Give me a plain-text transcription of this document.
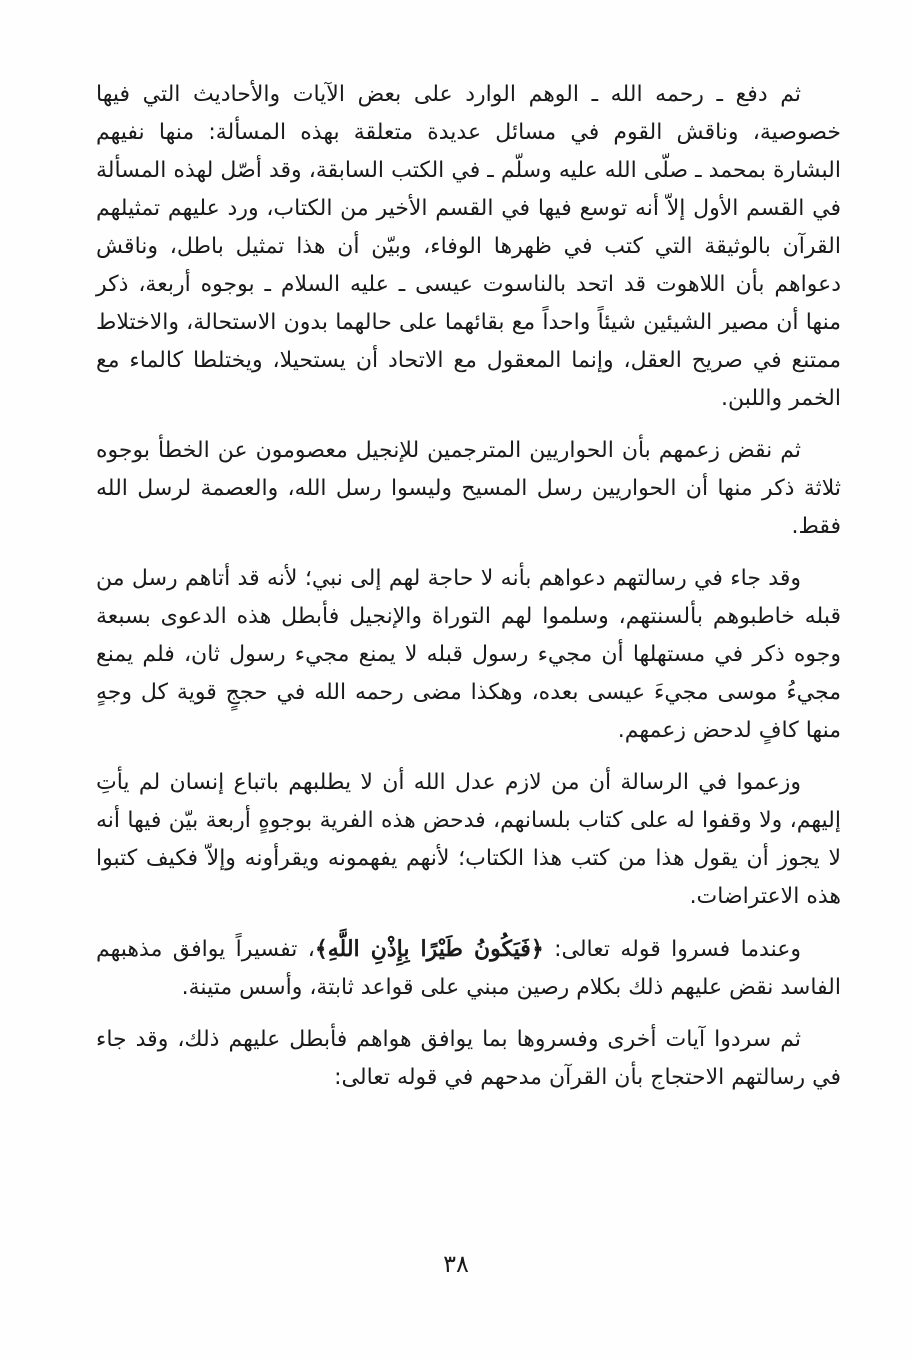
ثم دفع ـ رحمه الله ـ الوهم الوارد على بعض الآيات والأحاديث التي فيها خصوصية، وناقش القوم في مسائل عديدة متعلقة بهذه المسألة: منها نفيهم البشارة بمحمد ـ صلّى الله عليه وسلّم ـ في الكتب السابقة، وقد أصّل لهذه المسألة في القسم الأول إلاّ أنه توسع فيها في القسم الأخير من الكتاب، ورد عليهم تمثيلهم القرآن بالوثيقة التي كتب في ظهرها الوفاء، وبيّن أن هذا تمثيل باطل، وناقش دعواهم بأن اللاهوت قد اتحد بالناسوت عيسى ـ عليه السلام ـ بوجوه أربعة، ذكر منها أن مصير الشيئين شيئاً واحداً مع بقائهما على حالهما بدون الاستحالة، والاختلاط ممتنع في صريح العقل، وإنما المعقول مع الاتحاد أن يستحيلا، ويختلطا كالماء مع الخمر واللبن.

ثم نقض زعمهم بأن الحواريين المترجمين للإنجيل معصومون عن الخطأ بوجوه ثلاثة ذكر منها أن الحواريين رسل المسيح وليسوا رسل الله، والعصمة لرسل الله فقط.

وقد جاء في رسالتهم دعواهم بأنه لا حاجة لهم إلى نبي؛ لأنه قد أتاهم رسل من قبله خاطبوهم بألسنتهم، وسلموا لهم التوراة والإنجيل فأبطل هذه الدعوى بسبعة وجوه ذكر في مستهلها أن مجيء رسول قبله لا يمنع مجيء رسول ثان، فلم يمنع مجيءُ موسى مجيءَ عيسى بعده، وهكذا مضى رحمه الله في حججٍ قوية كل وجهٍ منها كافٍ لدحض زعمهم.

وزعموا في الرسالة أن من لازم عدل الله أن لا يطلبهم باتباع إنسان لم يأتِ إليهم، ولا وقفوا له على كتاب بلسانهم، فدحض هذه الفرية بوجوهٍ أربعة بيّن فيها أنه لا يجوز أن يقول هذا من كتب هذا الكتاب؛ لأنهم يفهمونه ويقرأونه وإلاّ فكيف كتبوا هذه الاعتراضات.

وعندما فسروا قوله تعالى: ﴿فَيَكُونُ طَيْرًا بِإِذْنِ اللَّهِ﴾، تفسيراً يوافق مذهبهم الفاسد نقض عليهم ذلك بكلام رصين مبني على قواعد ثابتة، وأسس متينة.

ثم سردوا آيات أخرى وفسروها بما يوافق هواهم فأبطل عليهم ذلك، وقد جاء في رسالتهم الاحتجاج بأن القرآن مدحهم في قوله تعالى:

٣٨
